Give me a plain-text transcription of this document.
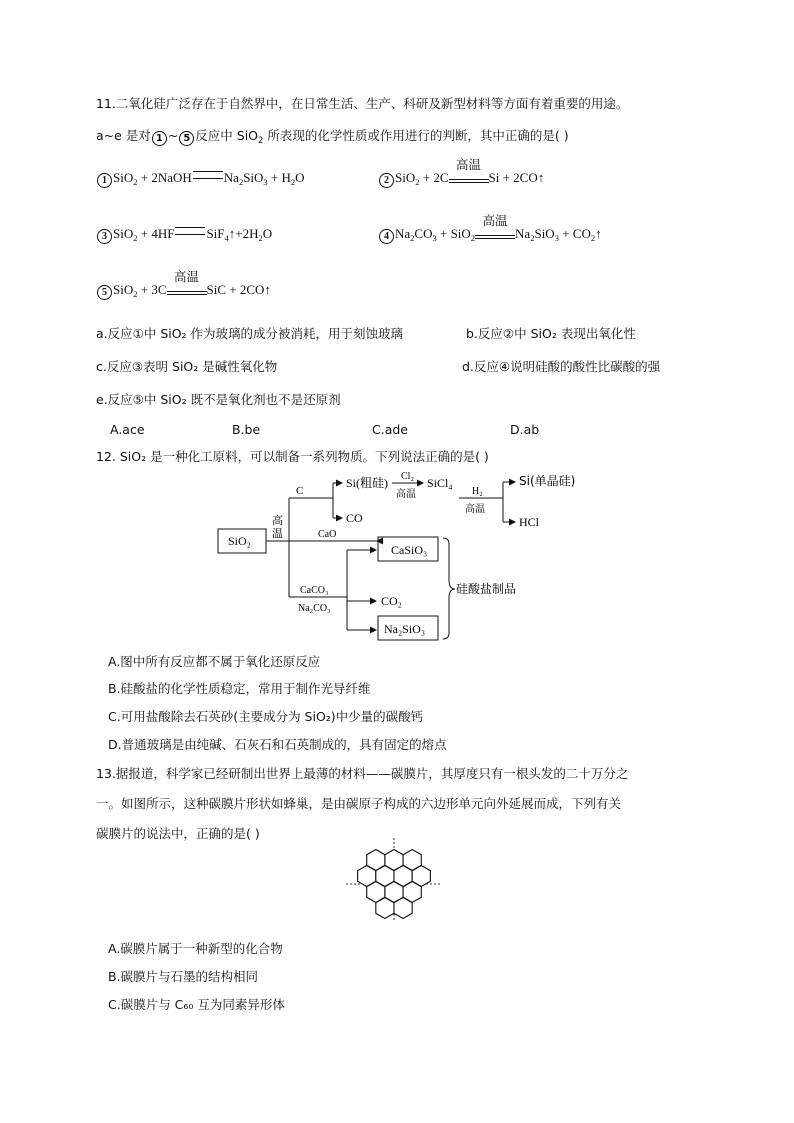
11.二氧化硅广泛存在于自然界中，在日常生活、生产、科研及新型材料等方面有着重要的用途。
a~e 是对 1 ~ 5 反应中 SiO$_2$ 所表现的化学性质或作用进行的判断，其中正确的是( )
1 SiO$_2$ + 2NaOH $Na_2SiO_3 + H_2O$	2 SiO$_2$ + 2C
高温
Si + 2CO↑
3 SiO$_2$ + 4HF $SiF_4↑+2H_2O$	4 $Na_2CO_3 + SiO_2$
高温
$Na_2SiO_3$ + $CO_2↑$
5 SiO$_2$ + 3C
高温
SiC + 2CO↑
a.反应①中 SiO₂ 作为玻璃的成分被消耗，用于刻蚀玻璃	b.反应②中 SiO₂ 表现出氧化性
c.反应③表明 SiO₂ 是碱性氧化物	d.反应④说明硅酸的酸性比碳酸的强
e.反应⑤中 SiO₂ 既不是氧化剂也不是还原剂
A.ace	B.be	C.ade	D.ab
12. SiO₂ 是一种化工原料，可以制备一系列物质。下列说法正确的是( )
SiO₂
高
温
C
Si(粗硅)
CO
Cl₂
高温
SiCl₄
H₂
高温
Si(单晶硅)
HCl
CaO
CaSiO₃
CaCO₃
Na₂CO₃
CO₂
Na₂SiO₃
硅酸盐制品
A.图中所有反应都不属于氧化还原反应
B.硅酸盐的化学性质稳定，常用于制作光导纤维
C.可用盐酸除去石英砂(主要成分为 SiO₂)中少量的碳酸钙
D.普通玻璃是由纯碱、石灰石和石英制成的，具有固定的熔点
13.据报道，科学家已经研制出世界上最薄的材料——碳膜片，其厚度只有一根头发的二十万分之
一。如图所示，这种碳膜片形状如蜂巢，是由碳原子构成的六边形单元向外延展而成，下列有关
碳膜片的说法中，正确的是( )
A.碳膜片属于一种新型的化合物
B.碳膜片与石墨的结构相同
C.碳膜片与 C₆₀ 互为同素异形体
